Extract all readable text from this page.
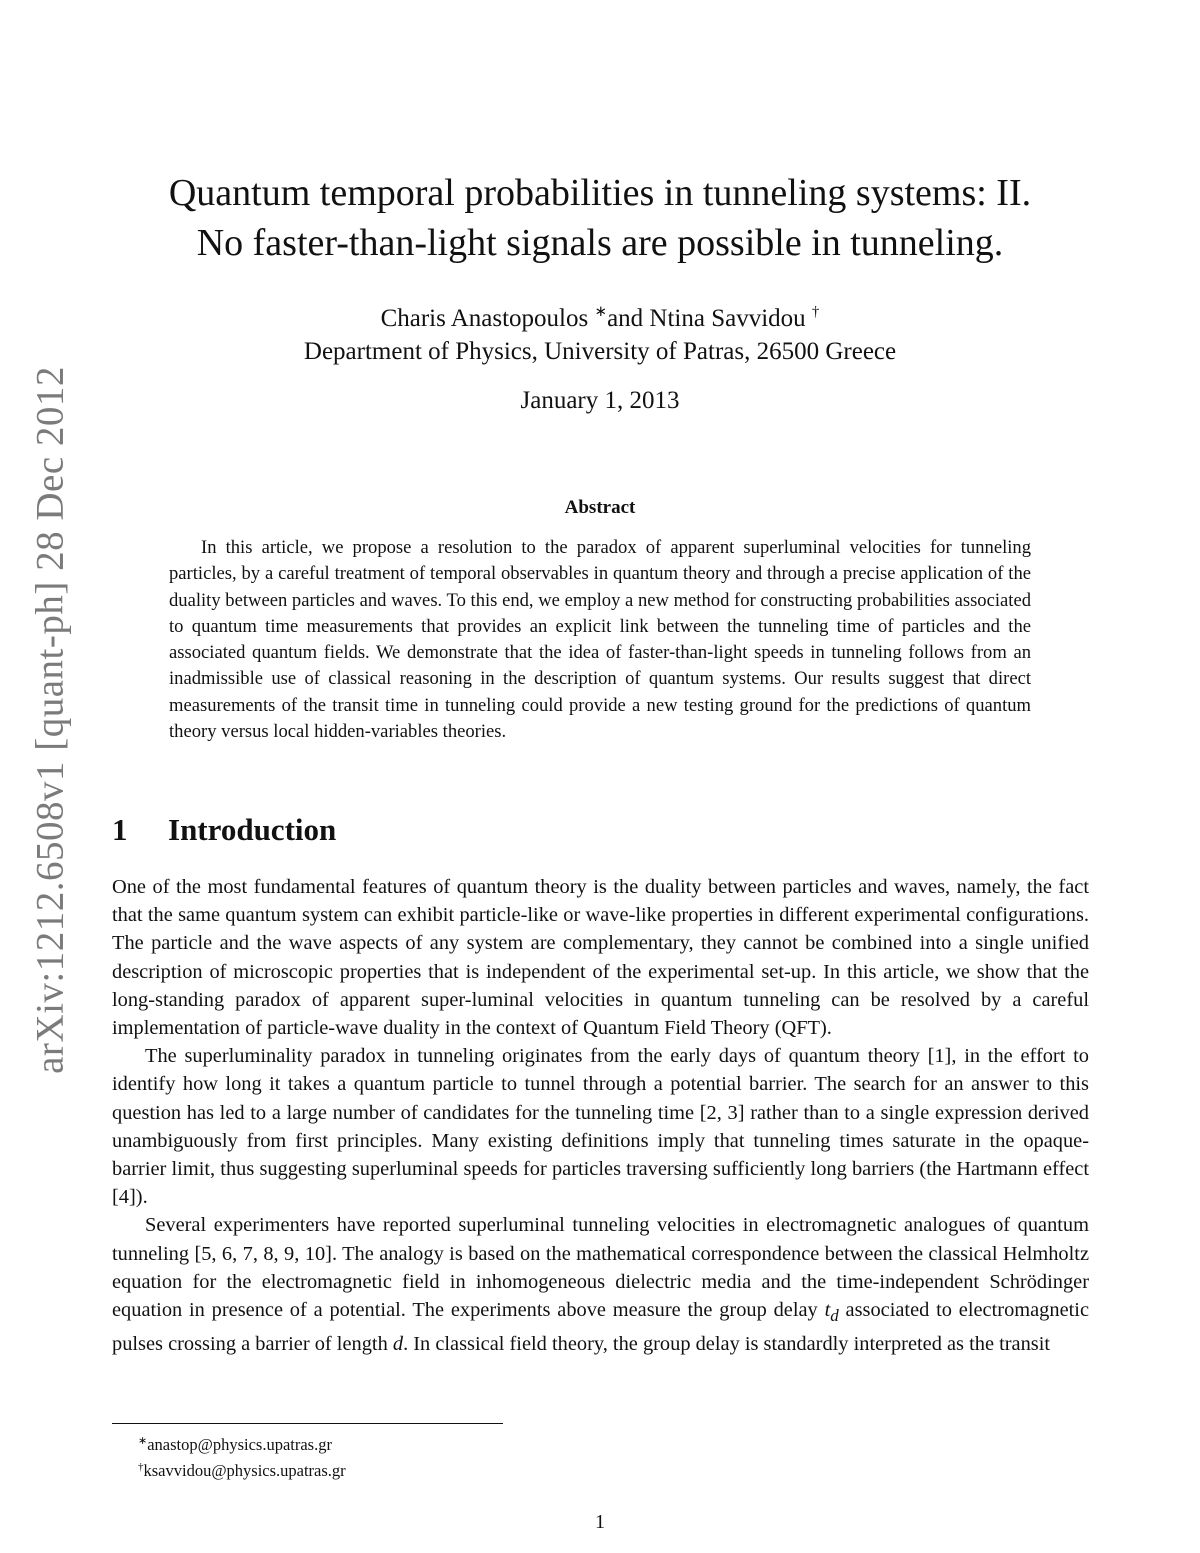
arXiv:1212.6508v1 [quant-ph] 28 Dec 2012
Quantum temporal probabilities in tunneling systems: II.
No faster-than-light signals are possible in tunneling.
Charis Anastopoulos ∗and Ntina Savvidou †
Department of Physics, University of Patras, 26500 Greece
January 1, 2013
Abstract

In this article, we propose a resolution to the paradox of apparent superluminal velocities for tunneling particles, by a careful treatment of temporal observables in quantum theory and through a precise application of the duality between particles and waves. To this end, we employ a new method for constructing probabilities associated to quantum time measurements that provides an explicit link between the tunneling time of particles and the associated quantum fields. We demonstrate that the idea of faster-than-light speeds in tunneling follows from an inadmissible use of classical reasoning in the description of quantum systems. Our results suggest that direct measurements of the transit time in tunneling could provide a new testing ground for the predictions of quantum theory versus local hidden-variables theories.

1 Introduction

One of the most fundamental features of quantum theory is the duality between particles and waves, namely, the fact that the same quantum system can exhibit particle-like or wave-like properties in different experimental configurations. The particle and the wave aspects of any system are complementary, they cannot be combined into a single unified description of microscopic properties that is independent of the experimental set-up. In this article, we show that the long-standing paradox of apparent super-luminal velocities in quantum tunneling can be resolved by a careful implementation of particle-wave duality in the context of Quantum Field Theory (QFT).

The superluminality paradox in tunneling originates from the early days of quantum theory [1], in the effort to identify how long it takes a quantum particle to tunnel through a potential barrier. The search for an answer to this question has led to a large number of candidates for the tunneling time [2, 3] rather than to a single expression derived unambiguously from first principles. Many existing definitions imply that tunneling times saturate in the opaque-barrier limit, thus suggesting superluminal speeds for particles traversing sufficiently long barriers (the Hartmann effect [4]).

Several experimenters have reported superluminal tunneling velocities in electromagnetic analogues of quantum tunneling [5, 6, 7, 8, 9, 10]. The analogy is based on the mathematical correspondence between the classical Helmholtz equation for the electromagnetic field in inhomogeneous dielectric media and the time-independent Schrödinger equation in presence of a potential. The experiments above measure the group delay $t_d$ associated to electromagnetic pulses crossing a barrier of length d. In classical field theory, the group delay is standardly interpreted as the transit

∗anastop@physics.upatras.gr
†ksavvidou@physics.upatras.gr
1
